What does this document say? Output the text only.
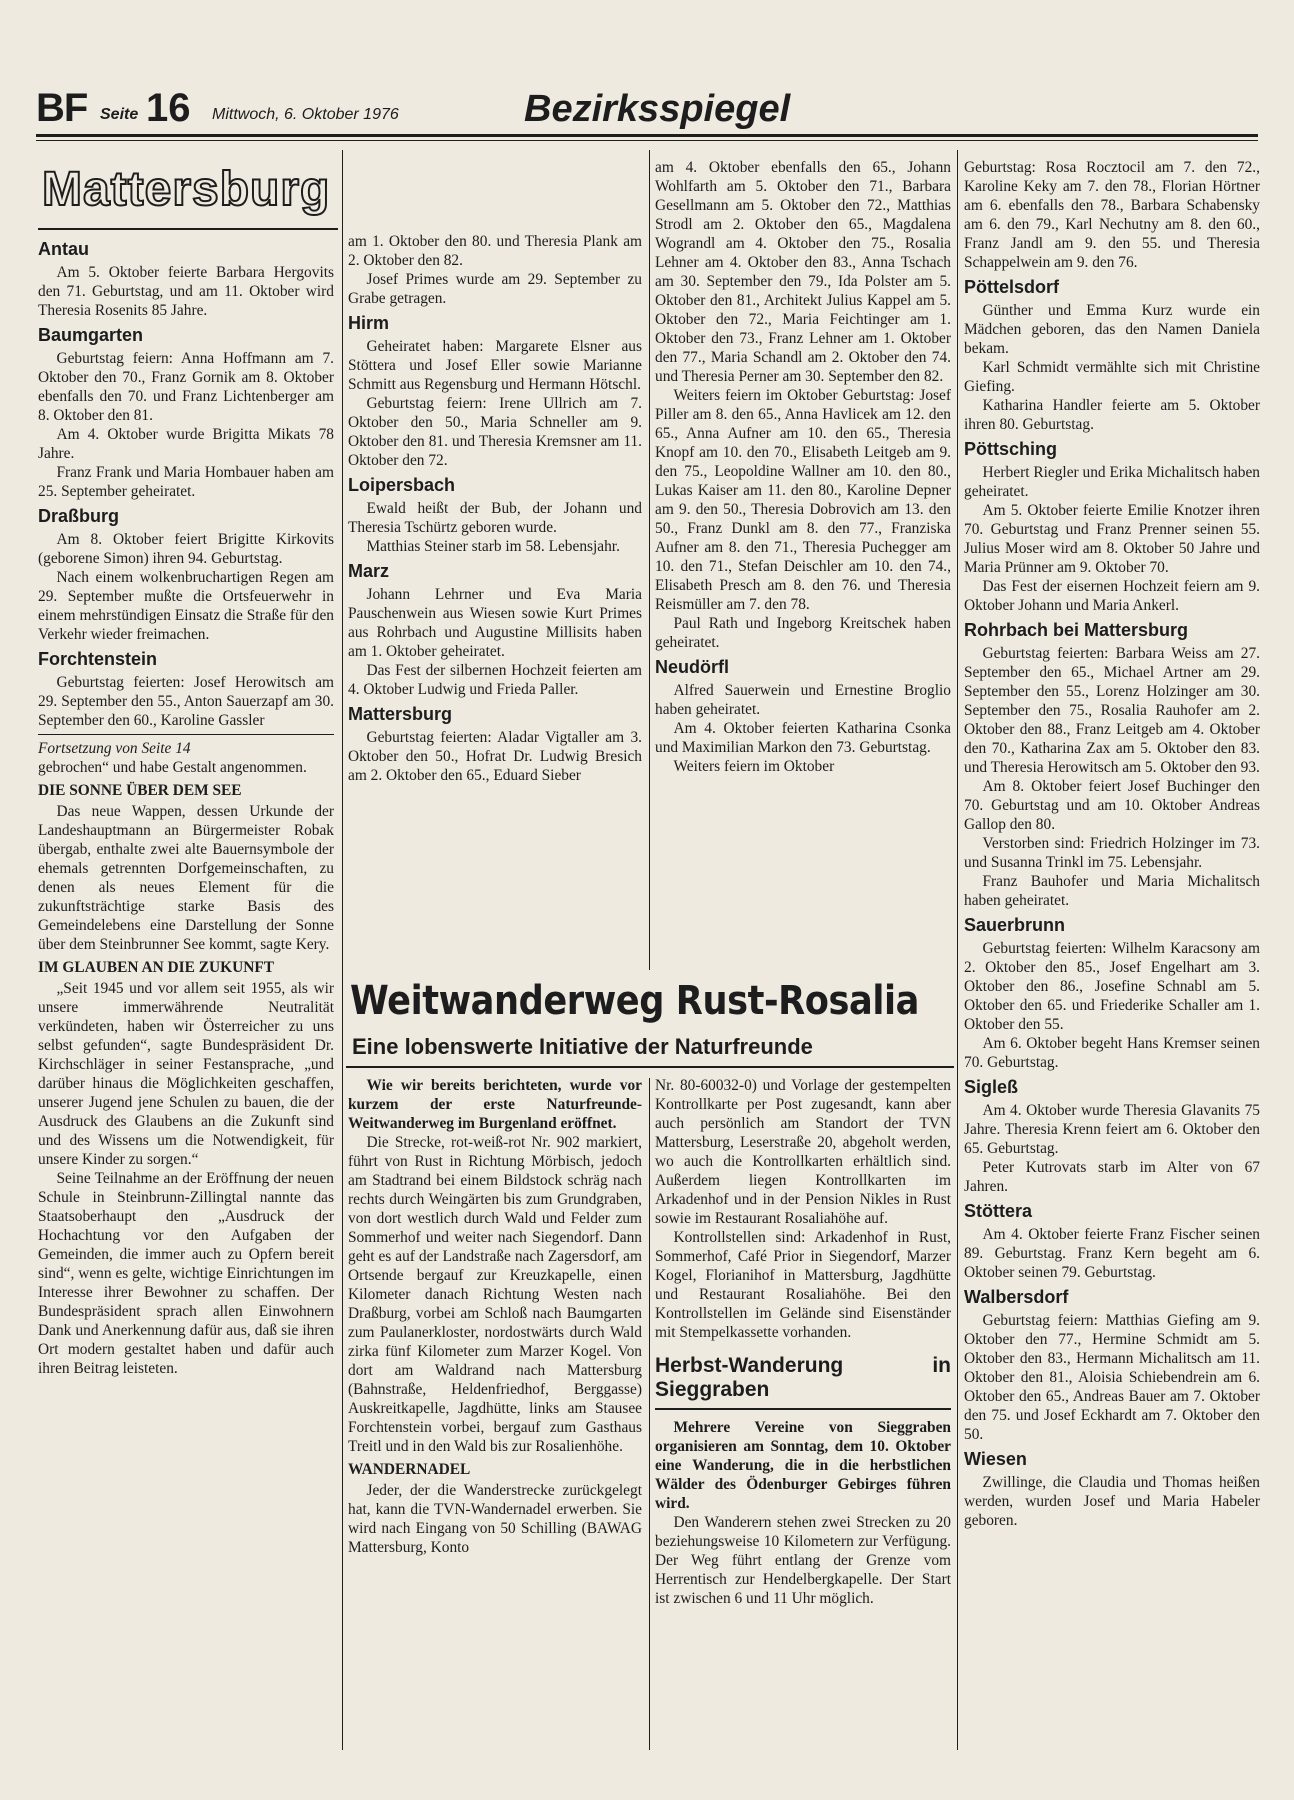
BF Seite 16 Mittwoch, 6. Oktober 1976	Bezirksspiegel
Mattersburg
Antau

Am 5. Oktober feierte Barbara Hergovits den 71. Geburtstag, und am 11. Oktober wird Theresia Rosenits 85 Jahre.

Baumgarten

Geburtstag feiern: Anna Hoffmann am 7. Oktober den 70., Franz Gornik am 8. Oktober ebenfalls den 70. und Franz Lichtenberger am 8. Oktober den 81.

Am 4. Oktober wurde Brigitta Mikats 78 Jahre.

Franz Frank und Maria Hombauer haben am 25. September geheiratet.

Draßburg

Am 8. Oktober feiert Brigitte Kirkovits (geborene Simon) ihren 94. Geburtstag.

Nach einem wolkenbruchartigen Regen am 29. September mußte die Ortsfeuerwehr in einem mehrstündigen Einsatz die Straße für den Verkehr wieder freimachen.

Forchtenstein

Geburtstag feierten: Josef Herowitsch am 29. September den 55., Anton Sauerzapf am 30. September den 60., Karoline Gassler

Fortsetzung von Seite 14

gebrochen“ und habe Gestalt angenommen.

DIE SONNE ÜBER DEM SEE

Das neue Wappen, dessen Urkunde der Landeshauptmann an Bürgermeister Robak übergab, enthalte zwei alte Bauernsymbole der ehemals getrennten Dorfgemeinschaften, zu denen als neues Element für die zukunftsträchtige starke Basis des Gemeindelebens eine Darstellung der Sonne über dem Steinbrunner See kommt, sagte Kery.

IM GLAUBEN AN DIE ZUKUNFT

„Seit 1945 und vor allem seit 1955, als wir unsere immerwährende Neutralität verkündeten, haben wir Österreicher zu uns selbst gefunden“, sagte Bundespräsident Dr. Kirchschläger in seiner Festansprache, „und darüber hinaus die Möglichkeiten geschaffen, unserer Jugend jene Schulen zu bauen, die der Ausdruck des Glaubens an die Zukunft sind und des Wissens um die Notwendigkeit, für unsere Kinder zu sorgen.“

Seine Teilnahme an der Eröffnung der neuen Schule in Steinbrunn-Zillingtal nannte das Staatsoberhaupt den „Ausdruck der Hochachtung vor den Aufgaben der Gemeinden, die immer auch zu Opfern bereit sind“, wenn es gelte, wichtige Einrichtungen im Interesse ihrer Bewohner zu schaffen. Der Bundespräsident sprach allen Einwohnern Dank und Anerkennung dafür aus, daß sie ihren Ort modern gestaltet haben und dafür auch ihren Beitrag leisteten.

am 1. Oktober den 80. und Theresia Plank am 2. Oktober den 82.

Josef Primes wurde am 29. September zu Grabe getragen.

Hirm

Geheiratet haben: Margarete Elsner aus Stöttera und Josef Eller sowie Marianne Schmitt aus Regensburg und Hermann Hötschl.

Geburtstag feiern: Irene Ullrich am 7. Oktober den 50., Maria Schneller am 9. Oktober den 81. und Theresia Kremsner am 11. Oktober den 72.

Loipersbach

Ewald heißt der Bub, der Johann und Theresia Tschürtz geboren wurde.

Matthias Steiner starb im 58. Lebensjahr.

Marz

Johann Lehrner und Eva Maria Pauschenwein aus Wiesen sowie Kurt Primes aus Rohrbach und Augustine Millisits haben am 1. Oktober geheiratet.

Das Fest der silbernen Hochzeit feierten am 4. Oktober Ludwig und Frieda Paller.

Mattersburg

Geburtstag feierten: Aladar Vigtaller am 3. Oktober den 50., Hofrat Dr. Ludwig Bresich am 2. Oktober den 65., Eduard Sieber

am 4. Oktober ebenfalls den 65., Johann Wohlfarth am 5. Oktober den 71., Barbara Gesellmann am 5. Oktober den 72., Matthias Strodl am 2. Oktober den 65., Magdalena Wograndl am 4. Oktober den 75., Rosalia Lehner am 4. Oktober den 83., Anna Tschach am 30. September den 79., Ida Polster am 5. Oktober den 81., Architekt Julius Kappel am 5. Oktober den 72., Maria Feichtinger am 1. Oktober den 73., Franz Lehner am 1. Oktober den 77., Maria Schandl am 2. Oktober den 74. und Theresia Perner am 30. September den 82.

Weiters feiern im Oktober Geburtstag: Josef Piller am 8. den 65., Anna Havlicek am 12. den 65., Anna Aufner am 10. den 65., Theresia Knopf am 10. den 70., Elisabeth Leitgeb am 9. den 75., Leopoldine Wallner am 10. den 80., Lukas Kaiser am 11. den 80., Karoline Depner am 9. den 50., Theresia Dobrovich am 13. den 50., Franz Dunkl am 8. den 77., Franziska Aufner am 8. den 71., Theresia Puchegger am 10. den 71., Stefan Deischler am 10. den 74., Elisabeth Presch am 8. den 76. und Theresia Reismüller am 7. den 78.

Paul Rath und Ingeborg Kreitschek haben geheiratet.

Neudörfl

Alfred Sauerwein und Ernestine Broglio haben geheiratet.

Am 4. Oktober feierten Katharina Csonka und Maximilian Markon den 73. Geburtstag.

Weiters feiern im Oktober

Geburtstag: Rosa Rocztocil am 7. den 72., Karoline Keky am 7. den 78., Florian Hörtner am 6. ebenfalls den 78., Barbara Schabensky am 6. den 79., Karl Nechutny am 8. den 60., Franz Jandl am 9. den 55. und Theresia Schappelwein am 9. den 76.

Pöttelsdorf

Günther und Emma Kurz wurde ein Mädchen geboren, das den Namen Daniela bekam.

Karl Schmidt vermählte sich mit Christine Giefing.

Katharina Handler feierte am 5. Oktober ihren 80. Geburtstag.

Pöttsching

Herbert Riegler und Erika Michalitsch haben geheiratet.

Am 5. Oktober feierte Emilie Knotzer ihren 70. Geburtstag und Franz Prenner seinen 55. Julius Moser wird am 8. Oktober 50 Jahre und Maria Prünner am 9. Oktober 70.

Das Fest der eisernen Hochzeit feiern am 9. Oktober Johann und Maria Ankerl.

Rohrbach bei Mattersburg

Geburtstag feierten: Barbara Weiss am 27. September den 65., Michael Artner am 29. September den 55., Lorenz Holzinger am 30. September den 75., Rosalia Rauhofer am 2. Oktober den 88., Franz Leitgeb am 4. Oktober den 70., Katharina Zax am 5. Oktober den 83. und Theresia Herowitsch am 5. Oktober den 93.

Am 8. Oktober feiert Josef Buchinger den 70. Geburtstag und am 10. Oktober Andreas Gallop den 80.

Verstorben sind: Friedrich Holzinger im 73. und Susanna Trinkl im 75. Lebensjahr.

Franz Bauhofer und Maria Michalitsch haben geheiratet.

Sauerbrunn

Geburtstag feierten: Wilhelm Karacsony am 2. Oktober den 85., Josef Engelhart am 3. Oktober den 86., Josefine Schnabl am 5. Oktober den 65. und Friederike Schaller am 1. Oktober den 55.

Am 6. Oktober begeht Hans Kremser seinen 70. Geburtstag.

Sigleß

Am 4. Oktober wurde Theresia Glavanits 75 Jahre. Theresia Krenn feiert am 6. Oktober den 65. Geburtstag.

Peter Kutrovats starb im Alter von 67 Jahren.

Stöttera

Am 4. Oktober feierte Franz Fischer seinen 89. Geburtstag. Franz Kern begeht am 6. Oktober seinen 79. Geburtstag.

Walbersdorf

Geburtstag feiern: Matthias Giefing am 9. Oktober den 77., Hermine Schmidt am 5. Oktober den 83., Hermann Michalitsch am 11. Oktober den 81., Aloisia Schiebendrein am 6. Oktober den 65., Andreas Bauer am 7. Oktober den 75. und Josef Eckhardt am 7. Oktober den 50.

Wiesen

Zwillinge, die Claudia und Thomas heißen werden, wurden Josef und Maria Habeler geboren.

Weitwanderweg Rust-Rosalia
Eine lobenswerte Initiative der Naturfreunde

Wie wir bereits berichteten, wurde vor kurzem der erste Naturfreunde-Weitwanderweg im Burgenland eröffnet.

Die Strecke, rot-weiß-rot Nr. 902 markiert, führt von Rust in Richtung Mörbisch, jedoch am Stadtrand bei einem Bildstock schräg nach rechts durch Weingärten bis zum Grundgraben, von dort westlich durch Wald und Felder zum Sommerhof und weiter nach Siegendorf. Dann geht es auf der Landstraße nach Zagersdorf, am Ortsende bergauf zur Kreuzkapelle, einen Kilometer danach Richtung Westen nach Draßburg, vorbei am Schloß nach Baumgarten zum Paulanerkloster, nordostwärts durch Wald zirka fünf Kilometer zum Marzer Kogel. Von dort am Waldrand nach Mattersburg (Bahnstraße, Heldenfriedhof, Berggasse) Auskreitkapelle, Jagdhütte, links am Stausee Forchtenstein vorbei, bergauf zum Gasthaus Treitl und in den Wald bis zur Rosalienhöhe.

WANDERNADEL

Jeder, der die Wanderstrecke zurückgelegt hat, kann die TVN-Wandernadel erwerben. Sie wird nach Eingang von 50 Schilling (BAWAG Mattersburg, Konto

Nr. 80-60032-0) und Vorlage der gestempelten Kontrollkarte per Post zugesandt, kann aber auch persönlich am Standort der TVN Mattersburg, Leserstraße 20, abgeholt werden, wo auch die Kontrollkarten erhältlich sind. Außerdem liegen Kontrollkarten im Arkadenhof und in der Pension Nikles in Rust sowie im Restaurant Rosaliahöhe auf.

Kontrollstellen sind: Arkadenhof in Rust, Sommerhof, Café Prior in Siegendorf, Marzer Kogel, Florianihof in Mattersburg, Jagdhütte und Restaurant Rosaliahöhe. Bei den Kontrollstellen im Gelände sind Eisenständer mit Stempelkassette vorhanden.

Herbst-Wanderung in Sieggraben

Mehrere Vereine von Sieggraben organisieren am Sonntag, dem 10. Oktober eine Wanderung, die in die herbstlichen Wälder des Ödenburger Gebirges führen wird.

Den Wanderern stehen zwei Strecken zu 20 beziehungsweise 10 Kilometern zur Verfügung. Der Weg führt entlang der Grenze vom Herrentisch zur Hendelbergkapelle. Der Start ist zwischen 6 und 11 Uhr möglich.
